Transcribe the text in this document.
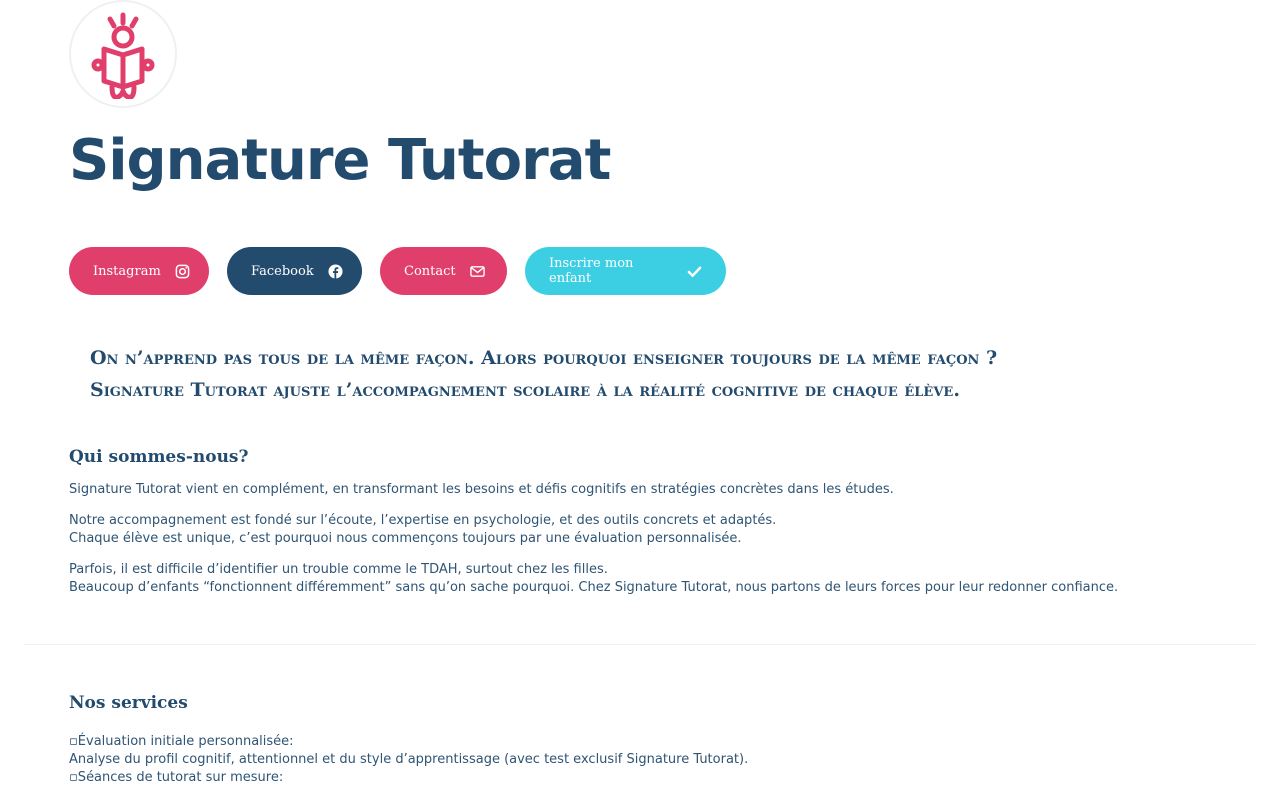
Signature Tutorat
Instagram	Facebook	Contact	Inscrire mon enfant
On n’apprend pas tous de la même façon. Alors pourquoi enseigner toujours de la même façon ?
Signature Tutorat ajuste l’accompagnement scolaire à la réalité cognitive de chaque élève.
Qui sommes-nous?

Signature Tutorat vient en complément, en transformant les besoins et défis cognitifs en stratégies concrètes dans les études.

Notre accompagnement est fondé sur l’écoute, l’expertise en psychologie, et des outils concrets et adaptés.
Chaque élève est unique, c’est pourquoi nous commençons toujours par une évaluation personnalisée.
Parfois, il est difficile d’identifier un trouble comme le TDAH, surtout chez les filles.
Beaucoup d’enfants “fonctionnent différemment” sans qu’on sache pourquoi. Chez Signature Tutorat, nous partons de leurs forces pour leur redonner confiance.
Nos services
▫Évaluation initiale personnalisée:
Analyse du profil cognitif, attentionnel et du style d’apprentissage (avec test exclusif Signature Tutorat).
▫Séances de tutorat sur mesure:
